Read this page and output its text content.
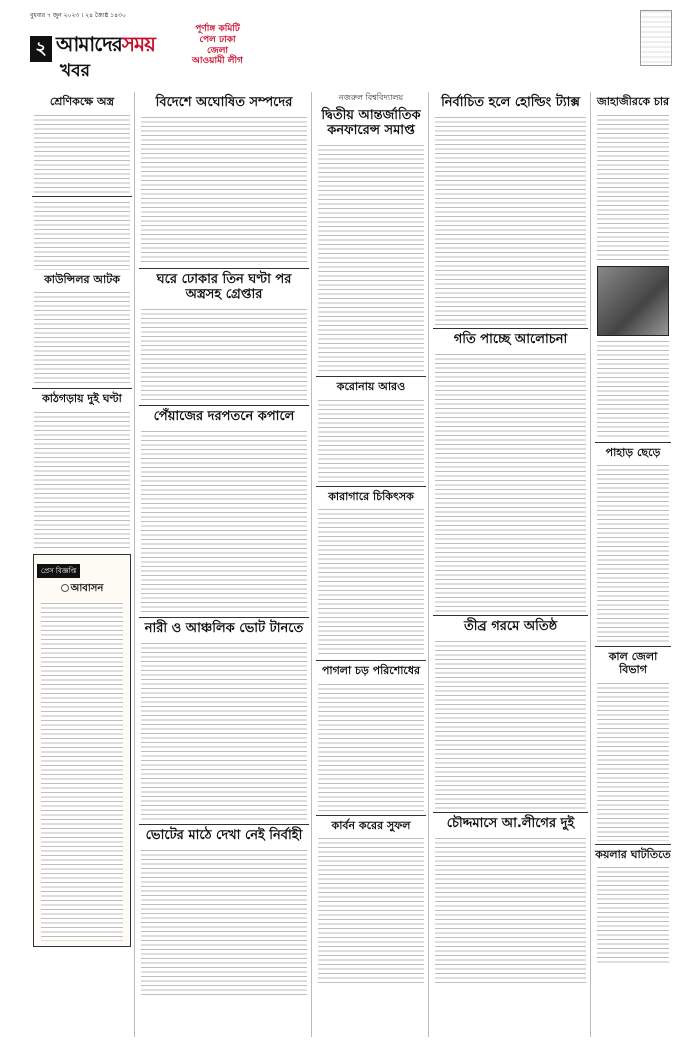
বুধবার ৭ জুন ২০২৩ । ২৪ জ্যৈষ্ঠ ১৪৩০
২ আমাদেরসময়
খবর
পূর্ণাঙ্গ কমিটি পেল ঢাকা জেলা আওয়ামী লীগ
শ্রেণিকক্ষে অস্ত্র
কাউন্সিলর আটক
কাঠগড়ায় দুই ঘণ্টা
প্রেস বিজ্ঞপ্তি
আবাসন
বিদেশে অঘোষিত সম্পদের
ঘরে ঢোকার তিন ঘণ্টা পর অস্ত্রসহ গ্রেপ্তার
পেঁয়াজের দরপতনে কপালে
নারী ও আঞ্চলিক ভোট টানতে
ভোটের মাঠে দেখা নেই নির্বাহী
নজরুল বিশ্ববিদ্যালয়
দ্বিতীয় আন্তর্জাতিক কনফারেন্স সমাপ্ত
করোনায় আরও
কারাগারে চিকিৎসক
পাগলা চড় পরিশোধের
কার্বন করের সুফল
নির্বাচিত হলে হোল্ডিং ট্যাক্স
গতি পাচ্ছে আলোচনা
তীব্র গরমে অতিষ্ঠ
চৌদ্দমাসে আ.লীগের দুই
জাহাজীরকে চার
পাহাড় ছেড়ে
কাল জেলা বিভাগ
কয়লার ঘাটতিতে
